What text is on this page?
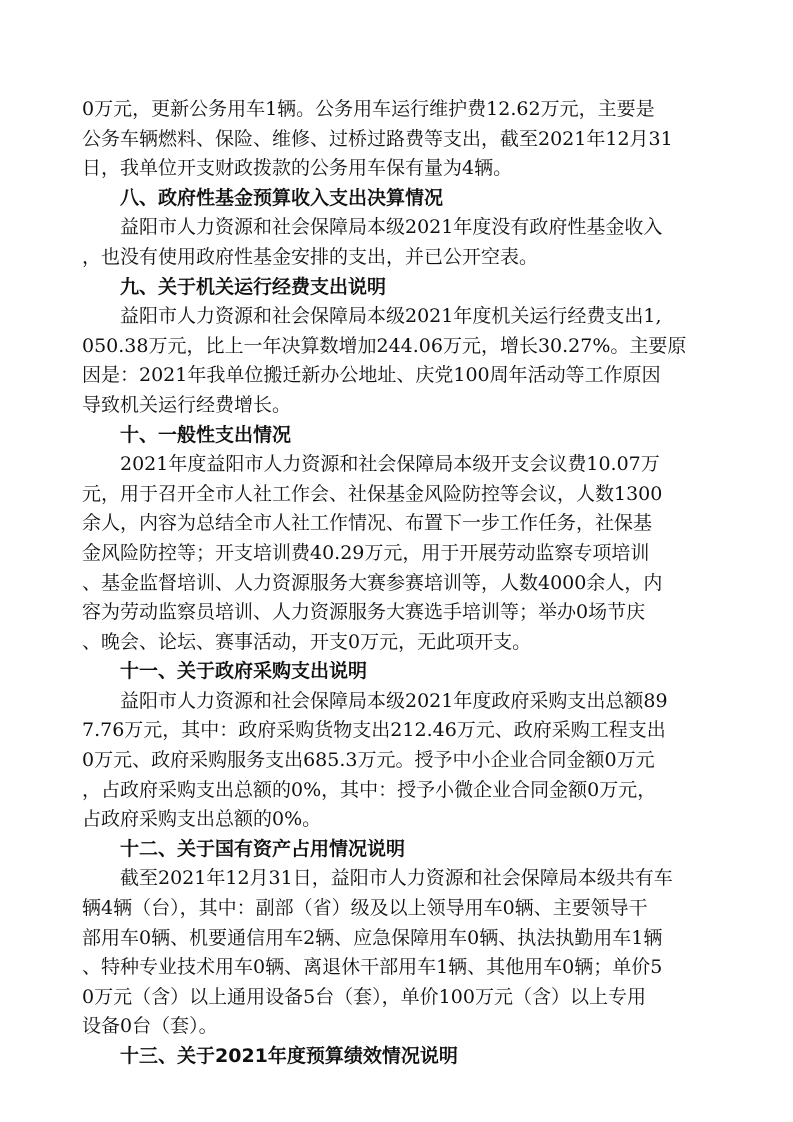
0万元，更新公务用车1辆。公务用车运行维护费12.62万元，主要是
公务车辆燃料、保险、维修、过桥过路费等支出，截至2021年12月31
日，我单位开支财政拨款的公务用车保有量为4辆。
八、政府性基金预算收入支出决算情况
益阳市人力资源和社会保障局本级2021年度没有政府性基金收入
，也没有使用政府性基金安排的支出，并已公开空表。
九、关于机关运行经费支出说明
益阳市人力资源和社会保障局本级2021年度机关运行经费支出1,
050.38万元，比上一年决算数增加244.06万元，增长30.27%。主要原
因是：2021年我单位搬迁新办公地址、庆党100周年活动等工作原因
导致机关运行经费增长。
十、一般性支出情况
2021年度益阳市人力资源和社会保障局本级开支会议费10.07万
元，用于召开全市人社工作会、社保基金风险防控等会议，人数1300
余人，内容为总结全市人社工作情况、布置下一步工作任务，社保基
金风险防控等；开支培训费40.29万元，用于开展劳动监察专项培训
、基金监督培训、人力资源服务大赛参赛培训等，人数4000余人，内
容为劳动监察员培训、人力资源服务大赛选手培训等；举办0场节庆
、晚会、论坛、赛事活动，开支0万元，无此项开支。
十一、关于政府采购支出说明
益阳市人力资源和社会保障局本级2021年度政府采购支出总额89
7.76万元，其中：政府采购货物支出212.46万元、政府采购工程支出
0万元、政府采购服务支出685.3万元。授予中小企业合同金额0万元
，占政府采购支出总额的0%，其中：授予小微企业合同金额0万元，
占政府采购支出总额的0%。
十二、关于国有资产占用情况说明
截至2021年12月31日，益阳市人力资源和社会保障局本级共有车
辆4辆（台），其中：副部（省）级及以上领导用车0辆、主要领导干
部用车0辆、机要通信用车2辆、应急保障用车0辆、执法执勤用车1辆
、特种专业技术用车0辆、离退休干部用车1辆、其他用车0辆；单价5
0万元（含）以上通用设备5台（套），单价100万元（含）以上专用
设备0台（套）。
十三、关于2021年度预算绩效情况说明
